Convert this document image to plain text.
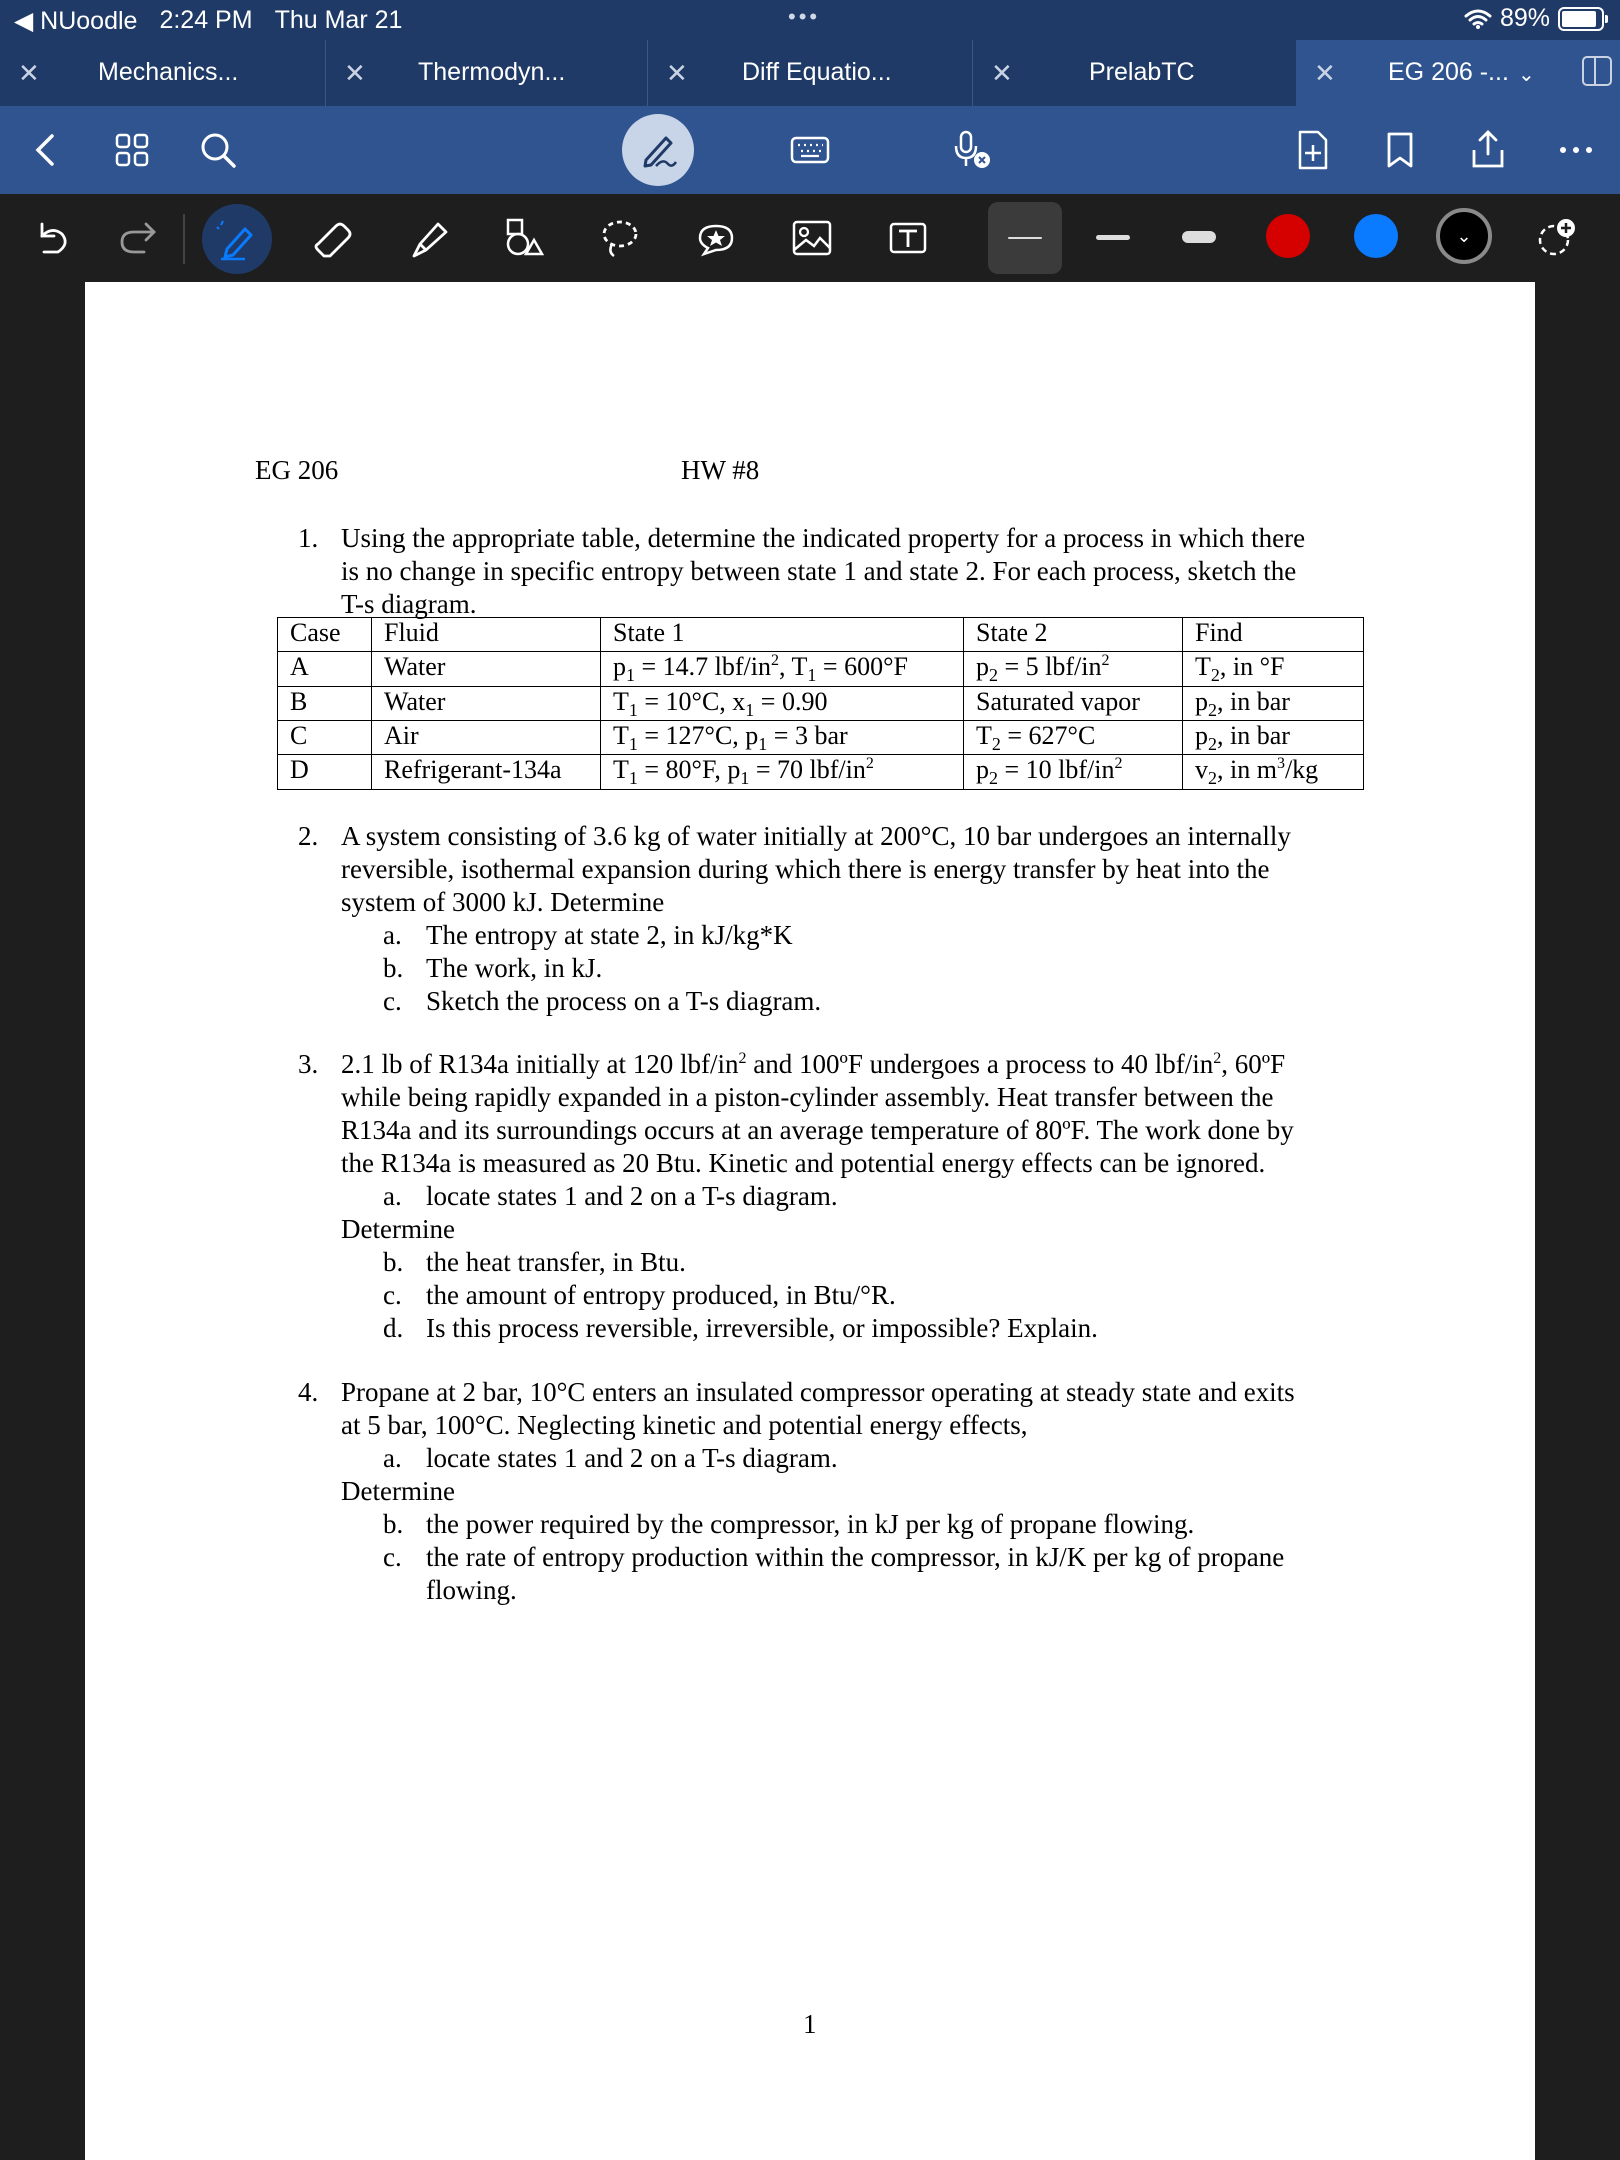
◀ NUoodle 2:24 PM Thu Mar 21	•••	89%
✕ Mechanics...	✕ Thermodyn...	✕ Diff Equatio...	✕	PrelabTC	✕ EG 206 -... ⌄
⌄
EG 206	HW #8
1. Using the appropriate table, determine the indicated property for a process in which there
is no change in specific entropy between state 1 and state 2. For each process, sketch the
T-s diagram.
Case	Fluid	State 1	State 2	Find
A	Water	$p_1 = 14.7$ lbf/$in^2$, $T_1 = 600^\circ F$	$p_2 = 5$ lbf/$in^2$	$T_2$, in °F
B	Water	$T_1 = 10^\circ C$, $x_1 = 0.90$	Saturated vapor	$p_2$, in bar
C	Air	$T_1 = 127^\circ C$, $p_1 = 3$ bar	$T_2 = 627^\circ C$	$p_2$, in bar
D	Refrigerant-134a	$T_1 = 80^\circ F$, $p_1 = 70$ lbf/$in^2$	$p_2 = 10$ lbf/$in^2$	$v_2$, in $m^3/kg$
2. A system consisting of 3.6 kg of water initially at 200°C, 10 bar undergoes an internally
reversible, isothermal expansion during which there is energy transfer by heat into the
system of 3000 kJ. Determine
a. The entropy at state 2, in kJ/kg*K
b. The work, in kJ.
c. Sketch the process on a T-s diagram.
3. 2.1 lb of R134a initially at 120 lbf/$in^2$ and 100ºF undergoes a process to 40 lbf/$in^2$, 60ºF
while being rapidly expanded in a piston-cylinder assembly. Heat transfer between the
R134a and its surroundings occurs at an average temperature of 80ºF. The work done by
the R134a is measured as 20 Btu. Kinetic and potential energy effects can be ignored.
a. locate states 1 and 2 on a T-s diagram.
Determine
b. the heat transfer, in Btu.
c. the amount of entropy produced, in Btu/°R.
d. Is this process reversible, irreversible, or impossible? Explain.
4. Propane at 2 bar, 10°C enters an insulated compressor operating at steady state and exits
at 5 bar, 100°C. Neglecting kinetic and potential energy effects,
a. locate states 1 and 2 on a T-s diagram.
Determine
b. the power required by the compressor, in kJ per kg of propane flowing.
c. the rate of entropy production within the compressor, in kJ/K per kg of propane
flowing.
1
